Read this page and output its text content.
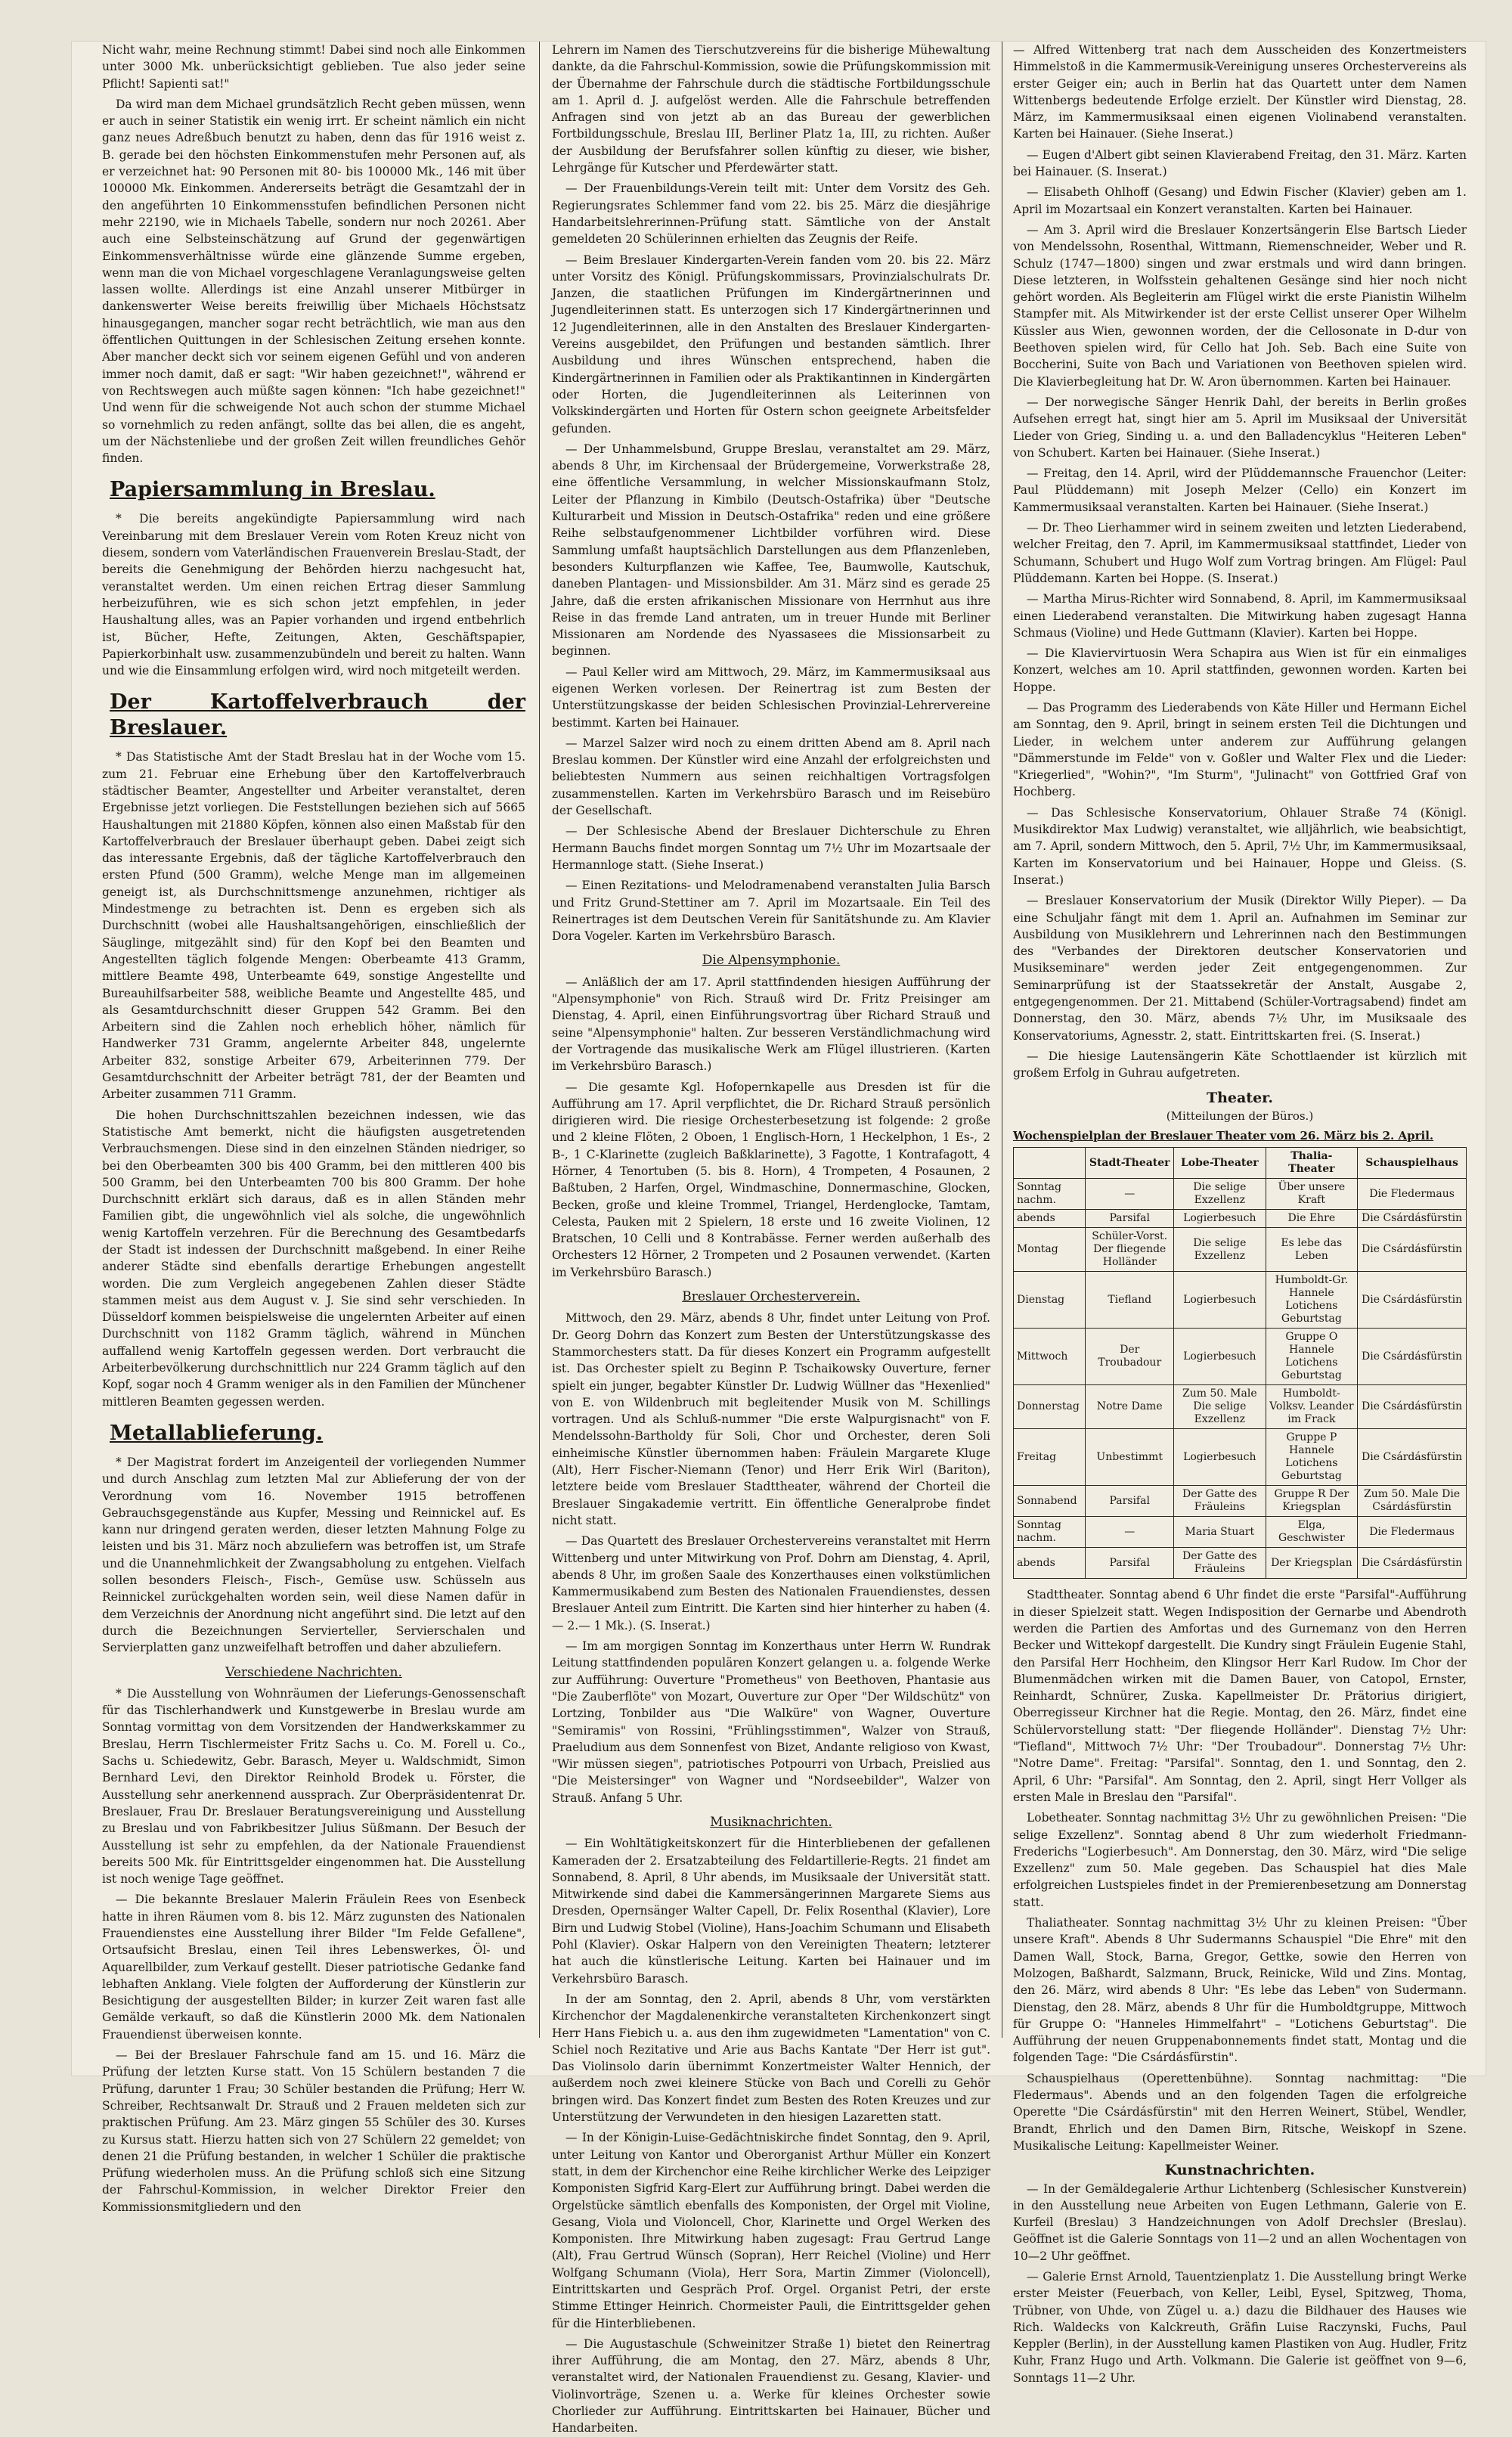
Nicht wahr, meine Rechnung stimmt! Dabei sind noch alle Einkommen unter 3000 Mk. unberücksichtigt geblieben. Tue also jeder seine Pflicht! Sapienti sat!"

Da wird man dem Michael grundsätzlich Recht geben müssen, wenn er auch in seiner Statistik ein wenig irrt. Er scheint nämlich ein nicht ganz neues Adreßbuch benutzt zu haben, denn das für 1916 weist z. B. gerade bei den höchsten Einkommenstufen mehr Personen auf, als er verzeichnet hat: 90 Personen mit 80- bis 100000 Mk., 146 mit über 100000 Mk. Einkommen. Andererseits beträgt die Gesamtzahl der in den angeführten 10 Einkommensstufen befindlichen Personen nicht mehr 22190, wie in Michaels Tabelle, sondern nur noch 20261. Aber auch eine Selbsteinschätzung auf Grund der gegenwärtigen Einkommensverhältnisse würde eine glänzende Summe ergeben, wenn man die von Michael vorgeschlagene Veranlagungsweise gelten lassen wollte. Allerdings ist eine Anzahl unserer Mitbürger in dankenswerter Weise bereits freiwillig über Michaels Höchstsatz hinausgegangen, mancher sogar recht beträchtlich, wie man aus den öffentlichen Quittungen in der Schlesischen Zeitung ersehen konnte. Aber mancher deckt sich vor seinem eigenen Gefühl und von anderen immer noch damit, daß er sagt: "Wir haben gezeichnet!", während er von Rechtswegen auch müßte sagen können: "Ich habe gezeichnet!" Und wenn für die schweigende Not auch schon der stumme Michael so vornehmlich zu reden anfängt, sollte das bei allen, die es angeht, um der Nächstenliebe und der großen Zeit willen freundliches Gehör finden.

Papiersammlung in Breslau.

* Die bereits angekündigte Papiersammlung wird nach Vereinbarung mit dem Breslauer Verein vom Roten Kreuz nicht von diesem, sondern vom Vaterländischen Frauenverein Breslau-Stadt, der bereits die Genehmigung der Behörden hierzu nachgesucht hat, veranstaltet werden. Um einen reichen Ertrag dieser Sammlung herbeizuführen, wie es sich schon jetzt empfehlen, in jeder Haushaltung alles, was an Papier vorhanden und irgend entbehrlich ist, Bücher, Hefte, Zeitungen, Akten, Geschäftspapier, Papierkorbinhalt usw. zusammenzubündeln und bereit zu halten. Wann und wie die Einsammlung erfolgen wird, wird noch mitgeteilt werden.

Der Kartoffelverbrauch der Breslauer.

* Das Statistische Amt der Stadt Breslau hat in der Woche vom 15. zum 21. Februar eine Erhebung über den Kartoffelverbrauch städtischer Beamter, Angestellter und Arbeiter veranstaltet, deren Ergebnisse jetzt vorliegen. Die Feststellungen beziehen sich auf 5665 Haushaltungen mit 21880 Köpfen, können also einen Maßstab für den Kartoffelverbrauch der Breslauer überhaupt geben. Dabei zeigt sich das interessante Ergebnis, daß der tägliche Kartoffelverbrauch den ersten Pfund (500 Gramm), welche Menge man im allgemeinen geneigt ist, als Durchschnittsmenge anzunehmen, richtiger als Mindestmenge zu betrachten ist. Denn es ergeben sich als Durchschnitt (wobei alle Haushaltsangehörigen, einschließlich der Säuglinge, mitgezählt sind) für den Kopf bei den Beamten und Angestellten täglich folgende Mengen: Oberbeamte 413 Gramm, mittlere Beamte 498, Unterbeamte 649, sonstige Angestellte und Bureauhilfsarbeiter 588, weibliche Beamte und Angestellte 485, und als Gesamtdurchschnitt dieser Gruppen 542 Gramm. Bei den Arbeitern sind die Zahlen noch erheblich höher, nämlich für Handwerker 731 Gramm, angelernte Arbeiter 848, ungelernte Arbeiter 832, sonstige Arbeiter 679, Arbeiterinnen 779. Der Gesamtdurchschnitt der Arbeiter beträgt 781, der der Beamten und Arbeiter zusammen 711 Gramm.

Die hohen Durchschnittszahlen bezeichnen indessen, wie das Statistische Amt bemerkt, nicht die häufigsten ausgetretenden Verbrauchsmengen. Diese sind in den einzelnen Ständen niedriger, so bei den Oberbeamten 300 bis 400 Gramm, bei den mittleren 400 bis 500 Gramm, bei den Unterbeamten 700 bis 800 Gramm. Der hohe Durchschnitt erklärt sich daraus, daß es in allen Ständen mehr Familien gibt, die ungewöhnlich viel als solche, die ungewöhnlich wenig Kartoffeln verzehren. Für die Berechnung des Gesamtbedarfs der Stadt ist indessen der Durchschnitt maßgebend. In einer Reihe anderer Städte sind ebenfalls derartige Erhebungen angestellt worden. Die zum Vergleich angegebenen Zahlen dieser Städte stammen meist aus dem August v. J. Sie sind sehr verschieden. In Düsseldorf kommen beispielsweise die ungelernten Arbeiter auf einen Durchschnitt von 1182 Gramm täglich, während in München auffallend wenig Kartoffeln gegessen werden. Dort verbraucht die Arbeiterbevölkerung durchschnittlich nur 224 Gramm täglich auf den Kopf, sogar noch 4 Gramm weniger als in den Familien der Münchener mittleren Beamten gegessen werden.

Metallablieferung.

* Der Magistrat fordert im Anzeigenteil der vorliegenden Nummer und durch Anschlag zum letzten Mal zur Ablieferung der von der Verordnung vom 16. November 1915 betroffenen Gebrauchsgegenstände aus Kupfer, Messing und Reinnickel auf. Es kann nur dringend geraten werden, dieser letzten Mahnung Folge zu leisten und bis 31. März noch abzuliefern was betroffen ist, um Strafe und die Unannehmlichkeit der Zwangsabholung zu entgehen. Vielfach sollen besonders Fleisch-, Fisch-, Gemüse usw. Schüsseln aus Reinnickel zurückgehalten worden sein, weil diese Namen dafür in dem Verzeichnis der Anordnung nicht angeführt sind. Die letzt auf den durch die Bezeichnungen Servierteller, Servierschalen und Servierplatten ganz unzweifelhaft betroffen und daher abzuliefern.

Verschiedene Nachrichten.

* Die Ausstellung von Wohnräumen der Lieferungs-Genossenschaft für das Tischlerhandwerk und Kunstgewerbe in Breslau wurde am Sonntag vormittag von dem Vorsitzenden der Handwerkskammer zu Breslau, Herrn Tischlermeister Fritz Sachs u. Co. M. Forell u. Co., Sachs u. Schiedewitz, Gebr. Barasch, Meyer u. Waldschmidt, Simon Bernhard Levi, den Direktor Reinhold Brodek u. Förster, die Ausstellung sehr anerkennend aussprach. Zur Oberpräsidentenrat Dr. Breslauer, Frau Dr. Breslauer Beratungsvereinigung und Ausstellung zu Breslau und von Fabrikbesitzer Julius Süßmann. Der Besuch der Ausstellung ist sehr zu empfehlen, da der Nationale Frauendienst bereits 500 Mk. für Eintrittsgelder eingenommen hat. Die Ausstellung ist noch wenige Tage geöffnet.

— Die bekannte Breslauer Malerin Fräulein Rees von Esenbeck hatte in ihren Räumen vom 8. bis 12. März zugunsten des Nationalen Frauendienstes eine Ausstellung ihrer Bilder "Im Felde Gefallene", Ortsaufsicht Breslau, einen Teil ihres Lebenswerkes, Öl- und Aquarellbilder, zum Verkauf gestellt. Dieser patriotische Gedanke fand lebhaften Anklang. Viele folgten der Aufforderung der Künstlerin zur Besichtigung der ausgestellten Bilder; in kurzer Zeit waren fast alle Gemälde verkauft, so daß die Künstlerin 2000 Mk. dem Nationalen Frauendienst überweisen konnte.

— Bei der Breslauer Fahrschule fand am 15. und 16. März die Prüfung der letzten Kurse statt. Von 15 Schülern bestanden 7 die Prüfung, darunter 1 Frau; 30 Schüler bestanden die Prüfung; Herr W. Schreiber, Rechtsanwalt Dr. Strauß und 2 Frauen meldeten sich zur praktischen Prüfung. Am 23. März gingen 55 Schüler des 30. Kurses zu Kursus statt. Hierzu hatten sich von 27 Schülern 22 gemeldet; von denen 21 die Prüfung bestanden, in welcher 1 Schüler die praktische Prüfung wiederholen muss. An die Prüfung schloß sich eine Sitzung der Fahrschul-Kommission, in welcher Direktor Freier den Kommissionsmitgliedern und den

Lehrern im Namen des Tierschutzvereins für die bisherige Mühewaltung dankte, da die Fahrschul-Kommission, sowie die Prüfungskommission mit der Übernahme der Fahrschule durch die städtische Fortbildungsschule am 1. April d. J. aufgelöst werden. Alle die Fahrschule betreffenden Anfragen sind von jetzt ab an das Bureau der gewerblichen Fortbildungsschule, Breslau III, Berliner Platz 1a, III, zu richten. Außer der Ausbildung der Berufsfahrer sollen künftig zu dieser, wie bisher, Lehrgänge für Kutscher und Pferdewärter statt.

— Der Frauenbildungs-Verein teilt mit: Unter dem Vorsitz des Geh. Regierungsrates Schlemmer fand vom 22. bis 25. März die diesjährige Handarbeitslehrerinnen-Prüfung statt. Sämtliche von der Anstalt gemeldeten 20 Schülerinnen erhielten das Zeugnis der Reife.

— Beim Breslauer Kindergarten-Verein fanden vom 20. bis 22. März unter Vorsitz des Königl. Prüfungskommissars, Provinzialschulrats Dr. Janzen, die staatlichen Prüfungen im Kindergärtnerinnen und Jugendleiterinnen statt. Es unterzogen sich 17 Kindergärtnerinnen und 12 Jugendleiterinnen, alle in den Anstalten des Breslauer Kindergarten-Vereins ausgebildet, den Prüfungen und bestanden sämtlich. Ihrer Ausbildung und ihres Wünschen entsprechend, haben die Kindergärtnerinnen in Familien oder als Praktikantinnen in Kindergärten oder Horten, die Jugendleiterinnen als Leiterinnen von Volkskindergärten und Horten für Ostern schon geeignete Arbeitsfelder gefunden.

— Der Unhammelsbund, Gruppe Breslau, veranstaltet am 29. März, abends 8 Uhr, im Kirchensaal der Brüdergemeine, Vorwerkstraße 28, eine öffentliche Versammlung, in welcher Missionskaufmann Stolz, Leiter der Pflanzung in Kimbilo (Deutsch-Ostafrika) über "Deutsche Kulturarbeit und Mission in Deutsch-Ostafrika" reden und eine größere Reihe selbstaufgenommener Lichtbilder vorführen wird. Diese Sammlung umfaßt hauptsächlich Darstellungen aus dem Pflanzenleben, besonders Kulturpflanzen wie Kaffee, Tee, Baumwolle, Kautschuk, daneben Plantagen- und Missionsbilder. Am 31. März sind es gerade 25 Jahre, daß die ersten afrikanischen Missionare von Herrnhut aus ihre Reise in das fremde Land antraten, um in treuer Hunde mit Berliner Missionaren am Nordende des Nyassasees die Missionsarbeit zu beginnen.

— Paul Keller wird am Mittwoch, 29. März, im Kammermusiksaal aus eigenen Werken vorlesen. Der Reinertrag ist zum Besten der Unterstützungskasse der beiden Schlesischen Provinzial-Lehrervereine bestimmt. Karten bei Hainauer.

— Marzel Salzer wird noch zu einem dritten Abend am 8. April nach Breslau kommen. Der Künstler wird eine Anzahl der erfolgreichsten und beliebtesten Nummern aus seinen reichhaltigen Vortragsfolgen zusammenstellen. Karten im Verkehrsbüro Barasch und im Reisebüro der Gesellschaft.

— Der Schlesische Abend der Breslauer Dichterschule zu Ehren Hermann Bauchs findet morgen Sonntag um 7½ Uhr im Mozartsaale der Hermannloge statt. (Siehe Inserat.)

— Einen Rezitations- und Melodramenabend veranstalten Julia Barsch und Fritz Grund-Stettiner am 7. April im Mozartsaale. Ein Teil des Reinertrages ist dem Deutschen Verein für Sanitätshunde zu. Am Klavier Dora Vogeler. Karten im Verkehrsbüro Barasch.

Die Alpensymphonie.

— Anläßlich der am 17. April stattfindenden hiesigen Aufführung der "Alpensymphonie" von Rich. Strauß wird Dr. Fritz Preisinger am Dienstag, 4. April, einen Einführungsvortrag über Richard Strauß und seine "Alpensymphonie" halten. Zur besseren Verständlichmachung wird der Vortragende das musikalische Werk am Flügel illustrieren. (Karten im Verkehrsbüro Barasch.)

— Die gesamte Kgl. Hofopernkapelle aus Dresden ist für die Aufführung am 17. April verpflichtet, die Dr. Richard Strauß persönlich dirigieren wird. Die riesige Orchesterbesetzung ist folgende: 2 große und 2 kleine Flöten, 2 Oboen, 1 Englisch-Horn, 1 Heckelphon, 1 Es-, 2 B-, 1 C-Klarinette (zugleich Baßklarinette), 3 Fagotte, 1 Kontrafagott, 4 Hörner, 4 Tenortuben (5. bis 8. Horn), 4 Trompeten, 4 Posaunen, 2 Baßtuben, 2 Harfen, Orgel, Windmaschine, Donnermaschine, Glocken, Becken, große und kleine Trommel, Triangel, Herdenglocke, Tamtam, Celesta, Pauken mit 2 Spielern, 18 erste und 16 zweite Violinen, 12 Bratschen, 10 Celli und 8 Kontrabässe. Ferner werden außerhalb des Orchesters 12 Hörner, 2 Trompeten und 2 Posaunen verwendet. (Karten im Verkehrsbüro Barasch.)

Breslauer Orchesterverein.

Mittwoch, den 29. März, abends 8 Uhr, findet unter Leitung von Prof. Dr. Georg Dohrn das Konzert zum Besten der Unterstützungskasse des Stammorchesters statt. Da für dieses Konzert ein Programm aufgestellt ist. Das Orchester spielt zu Beginn P. Tschaikowsky Ouverture, ferner spielt ein junger, begabter Künstler Dr. Ludwig Wüllner das "Hexenlied" von E. von Wildenbruch mit begleitender Musik von M. Schillings vortragen. Und als Schluß-nummer "Die erste Walpurgisnacht" von F. Mendelssohn-Bartholdy für Soli, Chor und Orchester, deren Soli einheimische Künstler übernommen haben: Fräulein Margarete Kluge (Alt), Herr Fischer-Niemann (Tenor) und Herr Erik Wirl (Bariton), letztere beide vom Breslauer Stadttheater, während der Chorteil die Breslauer Singakademie vertritt. Ein öffentliche Generalprobe findet nicht statt.

— Das Quartett des Breslauer Orchestervereins veranstaltet mit Herrn Wittenberg und unter Mitwirkung von Prof. Dohrn am Dienstag, 4. April, abends 8 Uhr, im großen Saale des Konzerthauses einen volkstümlichen Kammermusikabend zum Besten des Nationalen Frauendienstes, dessen Breslauer Anteil zum Eintritt. Die Karten sind hier hinterher zu haben (4.— 2.— 1 Mk.). (S. Inserat.)

— Im am morgigen Sonntag im Konzerthaus unter Herrn W. Rundrak Leitung stattfindenden populären Konzert gelangen u. a. folgende Werke zur Aufführung: Ouverture "Prometheus" von Beethoven, Phantasie aus "Die Zauberflöte" von Mozart, Ouverture zur Oper "Der Wildschütz" von Lortzing, Tonbilder aus "Die Walküre" von Wagner, Ouverture "Semiramis" von Rossini, "Frühlingsstimmen", Walzer von Strauß, Praeludium aus dem Sonnenfest von Bizet, Andante religioso von Kwast, "Wir müssen siegen", patriotisches Potpourri von Urbach, Preislied aus "Die Meistersinger" von Wagner und "Nordseebilder", Walzer von Strauß. Anfang 5 Uhr.

Musiknachrichten.

— Ein Wohltätigkeitskonzert für die Hinterbliebenen der gefallenen Kameraden der 2. Ersatzabteilung des Feldartillerie-Regts. 21 findet am Sonnabend, 8. April, 8 Uhr abends, im Musiksaale der Universität statt. Mitwirkende sind dabei die Kammersängerinnen Margarete Siems aus Dresden, Opernsänger Walter Capell, Dr. Felix Rosenthal (Klavier), Lore Birn und Ludwig Stobel (Violine), Hans-Joachim Schumann und Elisabeth Pohl (Klavier). Oskar Halpern von den Vereinigten Theatern; letzterer hat auch die künstlerische Leitung. Karten bei Hainauer und im Verkehrsbüro Barasch.

In der am Sonntag, den 2. April, abends 8 Uhr, vom verstärkten Kirchenchor der Magdalenenkirche veranstalteten Kirchenkonzert singt Herr Hans Fiebich u. a. aus den ihm zugewidmeten "Lamentation" von C. Schiel noch Rezitative und Arie aus Bachs Kantate "Der Herr ist gut". Das Violinsolo darin übernimmt Konzertmeister Walter Hennich, der außerdem noch zwei kleinere Stücke von Bach und Corelli zu Gehör bringen wird. Das Konzert findet zum Besten des Roten Kreuzes und zur Unterstützung der Verwundeten in den hiesigen Lazaretten statt.

— In der Königin-Luise-Gedächtniskirche findet Sonntag, den 9. April, unter Leitung von Kantor und Oberorganist Arthur Müller ein Konzert statt, in dem der Kirchenchor eine Reihe kirchlicher Werke des Leipziger Komponisten Sigfrid Karg-Elert zur Aufführung bringt. Dabei werden die Orgelstücke sämtlich ebenfalls des Komponisten, der Orgel mit Violine, Gesang, Viola und Violoncell, Chor, Klarinette und Orgel Werken des Komponisten. Ihre Mitwirkung haben zugesagt: Frau Gertrud Lange (Alt), Frau Gertrud Wünsch (Sopran), Herr Reichel (Violine) und Herr Wolfgang Schumann (Viola), Herr Sora, Martin Zimmer (Violoncell), Eintrittskarten und Gespräch Prof. Orgel. Organist Petri, der erste Stimme Ettinger Heinrich. Chormeister Pauli, die Eintrittsgelder gehen für die Hinterbliebenen.

— Die Augustaschule (Schweinitzer Straße 1) bietet den Reinertrag ihrer Aufführung, die am Montag, den 27. März, abends 8 Uhr, veranstaltet wird, der Nationalen Frauendienst zu. Gesang, Klavier- und Violinvorträge, Szenen u. a. Werke für kleines Orchester sowie Chorlieder zur Aufführung. Eintrittskarten bei Hainauer, Bücher und Handarbeiten.

— Alfred Wittenberg trat nach dem Ausscheiden des Konzertmeisters Himmelstoß in die Kammermusik-Vereinigung unseres Orchestervereins als erster Geiger ein; auch in Berlin hat das Quartett unter dem Namen Wittenbergs bedeutende Erfolge erzielt. Der Künstler wird Dienstag, 28. März, im Kammermusiksaal einen eigenen Violinabend veranstalten. Karten bei Hainauer. (Siehe Inserat.)

— Eugen d'Albert gibt seinen Klavierabend Freitag, den 31. März. Karten bei Hainauer. (S. Inserat.)

— Elisabeth Ohlhoff (Gesang) und Edwin Fischer (Klavier) geben am 1. April im Mozartsaal ein Konzert veranstalten. Karten bei Hainauer.

— Am 3. April wird die Breslauer Konzertsängerin Else Bartsch Lieder von Mendelssohn, Rosenthal, Wittmann, Riemenschneider, Weber und R. Schulz (1747—1800) singen und zwar erstmals und wird dann bringen. Diese letzteren, in Wolfsstein gehaltenen Gesänge sind hier noch nicht gehört worden. Als Begleiterin am Flügel wirkt die erste Pianistin Wilhelm Stampfer mit. Als Mitwirkender ist der erste Cellist unserer Oper Wilhelm Küssler aus Wien, gewonnen worden, der die Cellosonate in D-dur von Beethoven spielen wird, für Cello hat Joh. Seb. Bach eine Suite von Boccherini, Suite von Bach und Variationen von Beethoven spielen wird. Die Klavierbegleitung hat Dr. W. Aron übernommen. Karten bei Hainauer.

— Der norwegische Sänger Henrik Dahl, der bereits in Berlin großes Aufsehen erregt hat, singt hier am 5. April im Musiksaal der Universität Lieder von Grieg, Sinding u. a. und den Balladencyklus "Heiteren Leben" von Schubert. Karten bei Hainauer. (Siehe Inserat.)

— Freitag, den 14. April, wird der Plüddemannsche Frauenchor (Leiter: Paul Plüddemann) mit Joseph Melzer (Cello) ein Konzert im Kammermusiksaal veranstalten. Karten bei Hainauer. (Siehe Inserat.)

— Dr. Theo Lierhammer wird in seinem zweiten und letzten Liederabend, welcher Freitag, den 7. April, im Kammermusiksaal stattfindet, Lieder von Schumann, Schubert und Hugo Wolf zum Vortrag bringen. Am Flügel: Paul Plüddemann. Karten bei Hoppe. (S. Inserat.)

— Martha Mirus-Richter wird Sonnabend, 8. April, im Kammermusiksaal einen Liederabend veranstalten. Die Mitwirkung haben zugesagt Hanna Schmaus (Violine) und Hede Guttmann (Klavier). Karten bei Hoppe.

— Die Klaviervirtuosin Wera Schapira aus Wien ist für ein einmaliges Konzert, welches am 10. April stattfinden, gewonnen worden. Karten bei Hoppe.

— Das Programm des Liederabends von Käte Hiller und Hermann Eichel am Sonntag, den 9. April, bringt in seinem ersten Teil die Dichtungen und Lieder, in welchem unter anderem zur Aufführung gelangen "Dämmerstunde im Felde" von v. Goßler und Walter Flex und die Lieder: "Kriegerlied", "Wohin?", "Im Sturm", "Julinacht" von Gottfried Graf von Hochberg.

— Das Schlesische Konservatorium, Ohlauer Straße 74 (Königl. Musikdirektor Max Ludwig) veranstaltet, wie alljährlich, wie beabsichtigt, am 7. April, sondern Mittwoch, den 5. April, 7½ Uhr, im Kammermusiksaal, Karten im Konservatorium und bei Hainauer, Hoppe und Gleiss. (S. Inserat.)

— Breslauer Konservatorium der Musik (Direktor Willy Pieper). — Da eine Schuljahr fängt mit dem 1. April an. Aufnahmen im Seminar zur Ausbildung von Musiklehrern und Lehrerinnen nach den Bestimmungen des "Verbandes der Direktoren deutscher Konservatorien und Musikseminare" werden jeder Zeit entgegengenommen. Zur Seminarprüfung ist der Staatssekretär der Anstalt, Ausgabe 2, entgegengenommen. Der 21. Mittabend (Schüler-Vortragsabend) findet am Donnerstag, den 30. März, abends 7½ Uhr, im Musiksaale des Konservatoriums, Agnesstr. 2, statt. Eintrittskarten frei. (S. Inserat.)

— Die hiesige Lautensängerin Käte Schottlaender ist kürzlich mit großem Erfolg in Guhrau aufgetreten.

Theater.
(Mitteilungen der Büros.)
Wochenspielplan der Breslauer Theater vom 26. März bis 2. April.
	Stadt-Theater	Lobe-Theater	Thalia-Theater	Schauspielhaus
Sonntag nachm.	—	Die selige Exzellenz	Über unsere Kraft	Die Fledermaus
abends	Parsifal	Logierbesuch	Die Ehre	Die Csárdásfürstin
Montag	Schüler-Vorst. Der fliegende Holländer	Die selige Exzellenz	Es lebe das Leben	Die Csárdásfürstin
Dienstag	Tiefland	Logierbesuch	Humboldt-Gr. Hannele Lotichens Geburtstag	Die Csárdásfürstin
Mittwoch	Der Troubadour	Logierbesuch	Gruppe O Hannele Lotichens Geburtstag	Die Csárdásfürstin
Donnerstag	Notre Dame	Zum 50. Male Die selige Exzellenz	Humboldt-Volksv. Leander im Frack	Die Csárdásfürstin
Freitag	Unbestimmt	Logierbesuch	Gruppe P Hannele Lotichens Geburtstag	Die Csárdásfürstin
Sonnabend	Parsifal	Der Gatte des Fräuleins	Gruppe R Der Kriegsplan	Zum 50. Male Die Csárdásfürstin
Sonntag nachm.	—	Maria Stuart	Elga, Geschwister	Die Fledermaus
abends	Parsifal	Der Gatte des Fräuleins	Der Kriegsplan	Die Csárdásfürstin

Stadttheater. Sonntag abend 6 Uhr findet die erste "Parsifal"-Aufführung in dieser Spielzeit statt. Wegen Indisposition der Gernarbe und Abendroth werden die Partien des Amfortas und des Gurnemanz von den Herren Becker und Wittekopf dargestellt. Die Kundry singt Fräulein Eugenie Stahl, den Parsifal Herr Hochheim, den Klingsor Herr Karl Rudow. Im Chor der Blumenmädchen wirken mit die Damen Bauer, von Catopol, Ernster, Reinhardt, Schnürer, Zuska. Kapellmeister Dr. Prätorius dirigiert, Oberregisseur Kirchner hat die Regie. Montag, den 26. März, findet eine Schülervorstellung statt: "Der fliegende Holländer". Dienstag 7½ Uhr: "Tiefland", Mittwoch 7½ Uhr: "Der Troubadour". Donnerstag 7½ Uhr: "Notre Dame". Freitag: "Parsifal". Sonntag, den 1. und Sonntag, den 2. April, 6 Uhr: "Parsifal". Am Sonntag, den 2. April, singt Herr Vollger als ersten Male in Breslau den "Parsifal".

Lobetheater. Sonntag nachmittag 3½ Uhr zu gewöhnlichen Preisen: "Die selige Exzellenz". Sonntag abend 8 Uhr zum wiederholt Friedmann-Frederichs "Logierbesuch". Am Donnerstag, den 30. März, wird "Die selige Exzellenz" zum 50. Male gegeben. Das Schauspiel hat dies Male erfolgreichen Lustspieles findet in der Premierenbesetzung am Donnerstag statt.

Thaliatheater. Sonntag nachmittag 3½ Uhr zu kleinen Preisen: "Über unsere Kraft". Abends 8 Uhr Sudermanns Schauspiel "Die Ehre" mit den Damen Wall, Stock, Barna, Gregor, Gettke, sowie den Herren von Molzogen, Baßhardt, Salzmann, Bruck, Reinicke, Wild und Zins. Montag, den 26. März, wird abends 8 Uhr: "Es lebe das Leben" von Sudermann. Dienstag, den 28. März, abends 8 Uhr für die Humboldtgruppe, Mittwoch für Gruppe O: "Hanneles Himmelfahrt" – "Lotichens Geburtstag". Die Aufführung der neuen Gruppenabonnements findet statt, Montag und die folgenden Tage: "Die Csárdásfürstin".

Schauspielhaus (Operettenbühne). Sonntag nachmittag: "Die Fledermaus". Abends und an den folgenden Tagen die erfolgreiche Operette "Die Csárdásfürstin" mit den Herren Weinert, Stübel, Wendler, Brandt, Ehrlich und den Damen Birn, Ritsche, Weiskopf in Szene. Musikalische Leitung: Kapellmeister Weiner.

Kunstnachrichten.

— In der Gemäldegalerie Arthur Lichtenberg (Schlesischer Kunstverein) in den Ausstellung neue Arbeiten von Eugen Lethmann, Galerie von E. Kurfeil (Breslau) 3 Handzeichnungen von Adolf Drechsler (Breslau). Geöffnet ist die Galerie Sonntags von 11—2 und an allen Wochentagen von 10—2 Uhr geöffnet.

— Galerie Ernst Arnold, Tauentzienplatz 1. Die Ausstellung bringt Werke erster Meister (Feuerbach, von Keller, Leibl, Eysel, Spitzweg, Thoma, Trübner, von Uhde, von Zügel u. a.) dazu die Bildhauer des Hauses wie Rich. Waldecks von Kalckreuth, Gräfin Luise Raczynski, Fuchs, Paul Keppler (Berlin), in der Ausstellung kamen Plastiken von Aug. Hudler, Fritz Kuhr, Franz Hugo und Arth. Volkmann. Die Galerie ist geöffnet von 9—6, Sonntags 11—2 Uhr.
